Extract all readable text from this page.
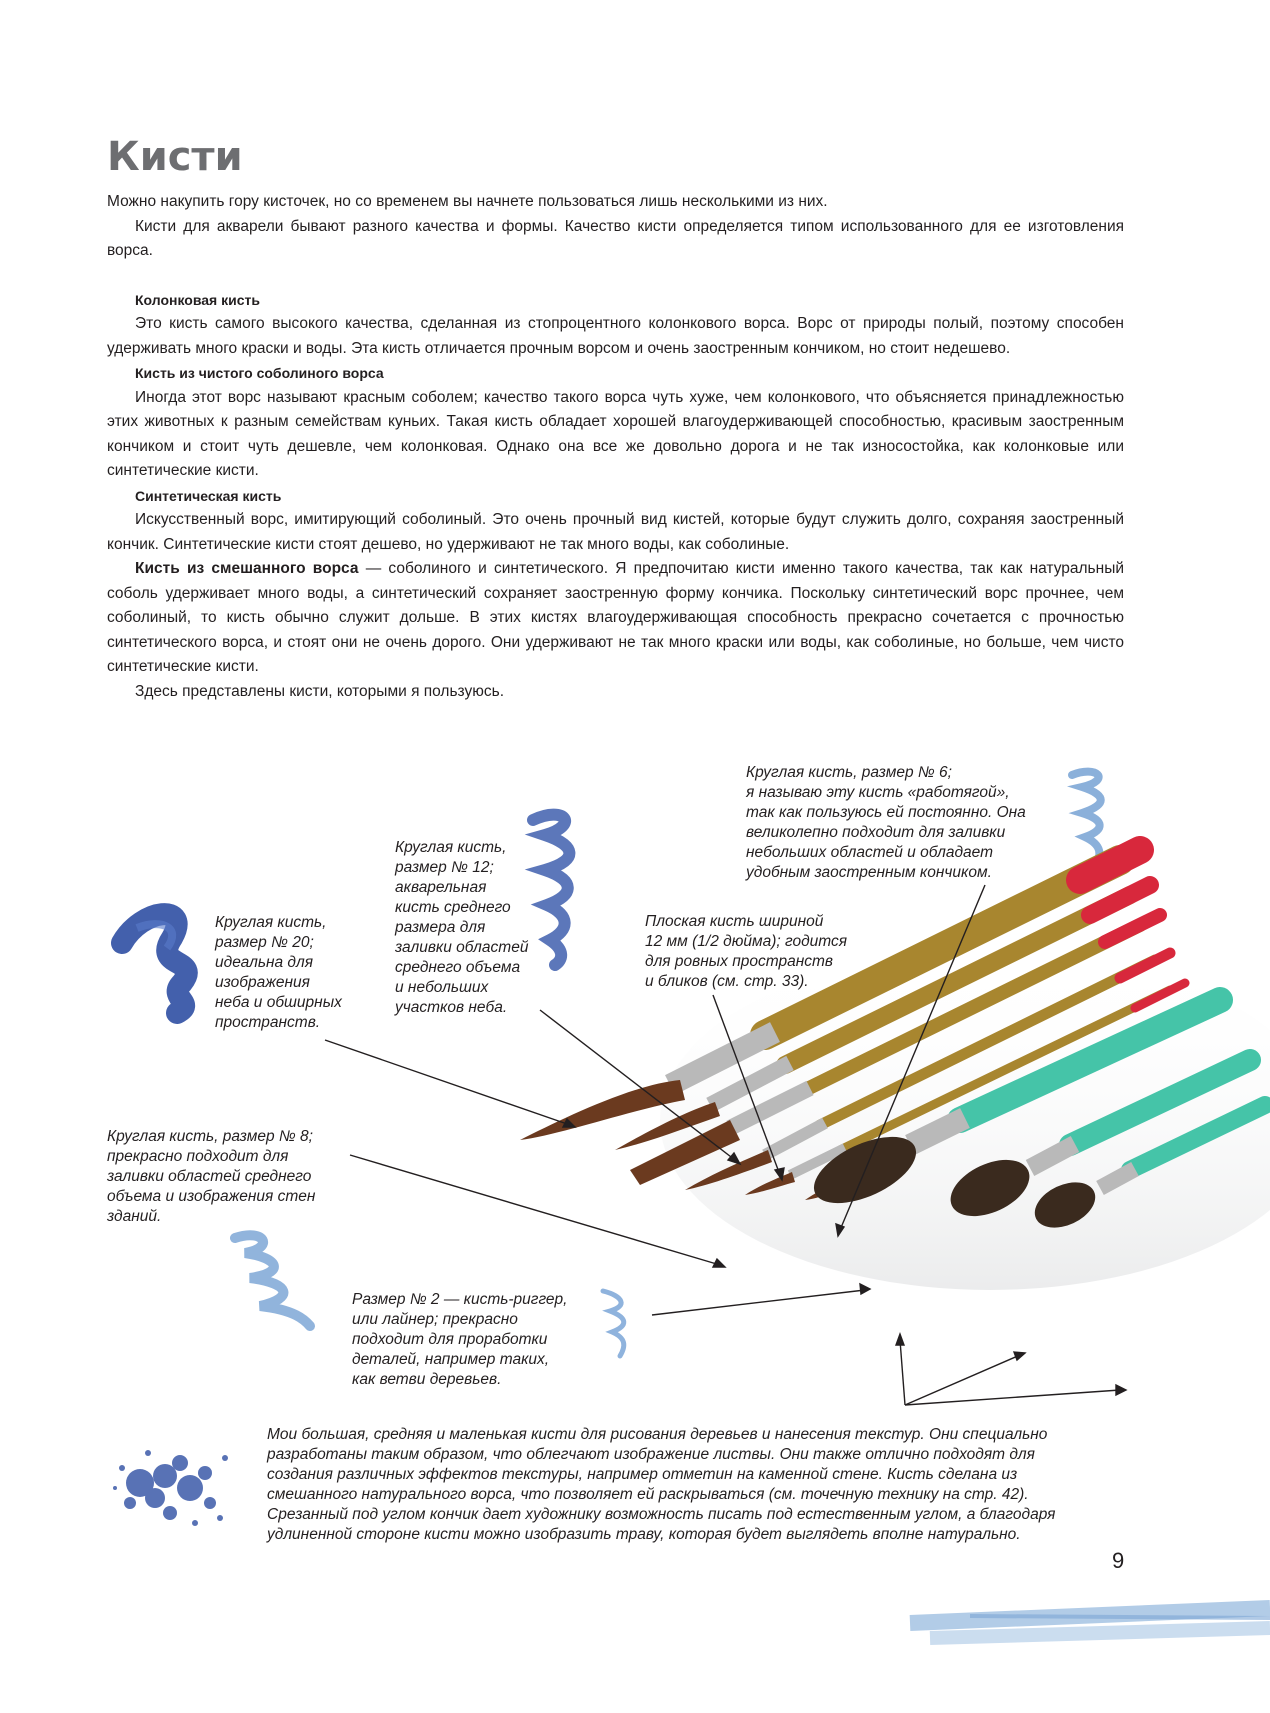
Кисти

Можно накупить гору кисточек, но со временем вы начнете пользоваться лишь несколькими из них.

Кисти для акварели бывают разного качества и формы. Качество кисти определяется типом использованного для ее изготовления ворса.

Колонковая кисть

Это кисть самого высокого качества, сделанная из стопроцентного колонкового ворса. Ворс от природы полый, поэтому способен удерживать много краски и воды. Эта кисть отличается прочным ворсом и очень заостренным кончиком, но стоит недешево.

Кисть из чистого соболиного ворса

Иногда этот ворс называют красным соболем; качество такого ворса чуть хуже, чем колонкового, что объясняется принадлежностью этих животных к разным семействам куньих. Такая кисть обладает хорошей влагоудерживающей способностью, красивым заостренным кончиком и стоит чуть дешевле, чем колонковая. Однако она все же довольно дорога и не так износостойка, как колонковые или синтетические кисти.

Синтетическая кисть

Искусственный ворс, имитирующий соболиный. Это очень прочный вид кистей, которые будут служить долго, сохраняя заостренный кончик. Синтетические кисти стоят дешево, но удерживают не так много воды, как соболиные.

Кисть из смешанного ворса — соболиного и синтетического. Я предпочитаю кисти именно такого качества, так как натуральный соболь удерживает много воды, а синтетический сохраняет заостренную форму кончика. Поскольку синтетический ворс прочнее, чем соболиный, то кисть обычно служит дольше. В этих кистях влагоудерживающая способность прекрасно сочетается с прочностью синтетического ворса, и стоят они не очень дорого. Они удерживают не так много краски или воды, как соболиные, но больше, чем чисто синтетические кисти.

Здесь представлены кисти, которыми я пользуюсь.

Круглая кисть,
размер № 20;
идеальна для
изображения
неба и обширных
пространств.

Круглая кисть,
размер № 12;
акварельная
кисть среднего
размера для
заливки областей
среднего объема
и небольших
участков неба.

Круглая кисть, размер № 6;
я называю эту кисть «работягой»,
так как пользуюсь ей постоянно. Она
великолепно подходит для заливки
небольших областей и обладает
удобным заостренным кончиком.

Плоская кисть шириной
12 мм (1/2 дюйма); годится
для ровных пространств
и бликов (см. стр. 33).

Круглая кисть, размер № 8;
прекрасно подходит для
заливки областей среднего
объема и изображения стен
зданий.

Размер № 2 — кисть-риггер,
или лайнер; прекрасно
подходит для проработки
деталей, например таких,
как ветви деревьев.

Мои большая, средняя и маленькая кисти для рисования деревьев и нанесения текстур. Они специально
разработаны таким образом, что облегчают изображение листвы. Они также отлично подходят для
создания различных эффектов текстуры, например отметин на каменной стене. Кисть сделана из
смешанного натурального ворса, что позволяет ей раскрываться (см. точечную технику на стр. 42).
Срезанный под углом кончик дает художнику возможность писать под естественным углом, а благодаря
удлиненной стороне кисти можно изобразить траву, которая будет выглядеть вполне натурально.

9
